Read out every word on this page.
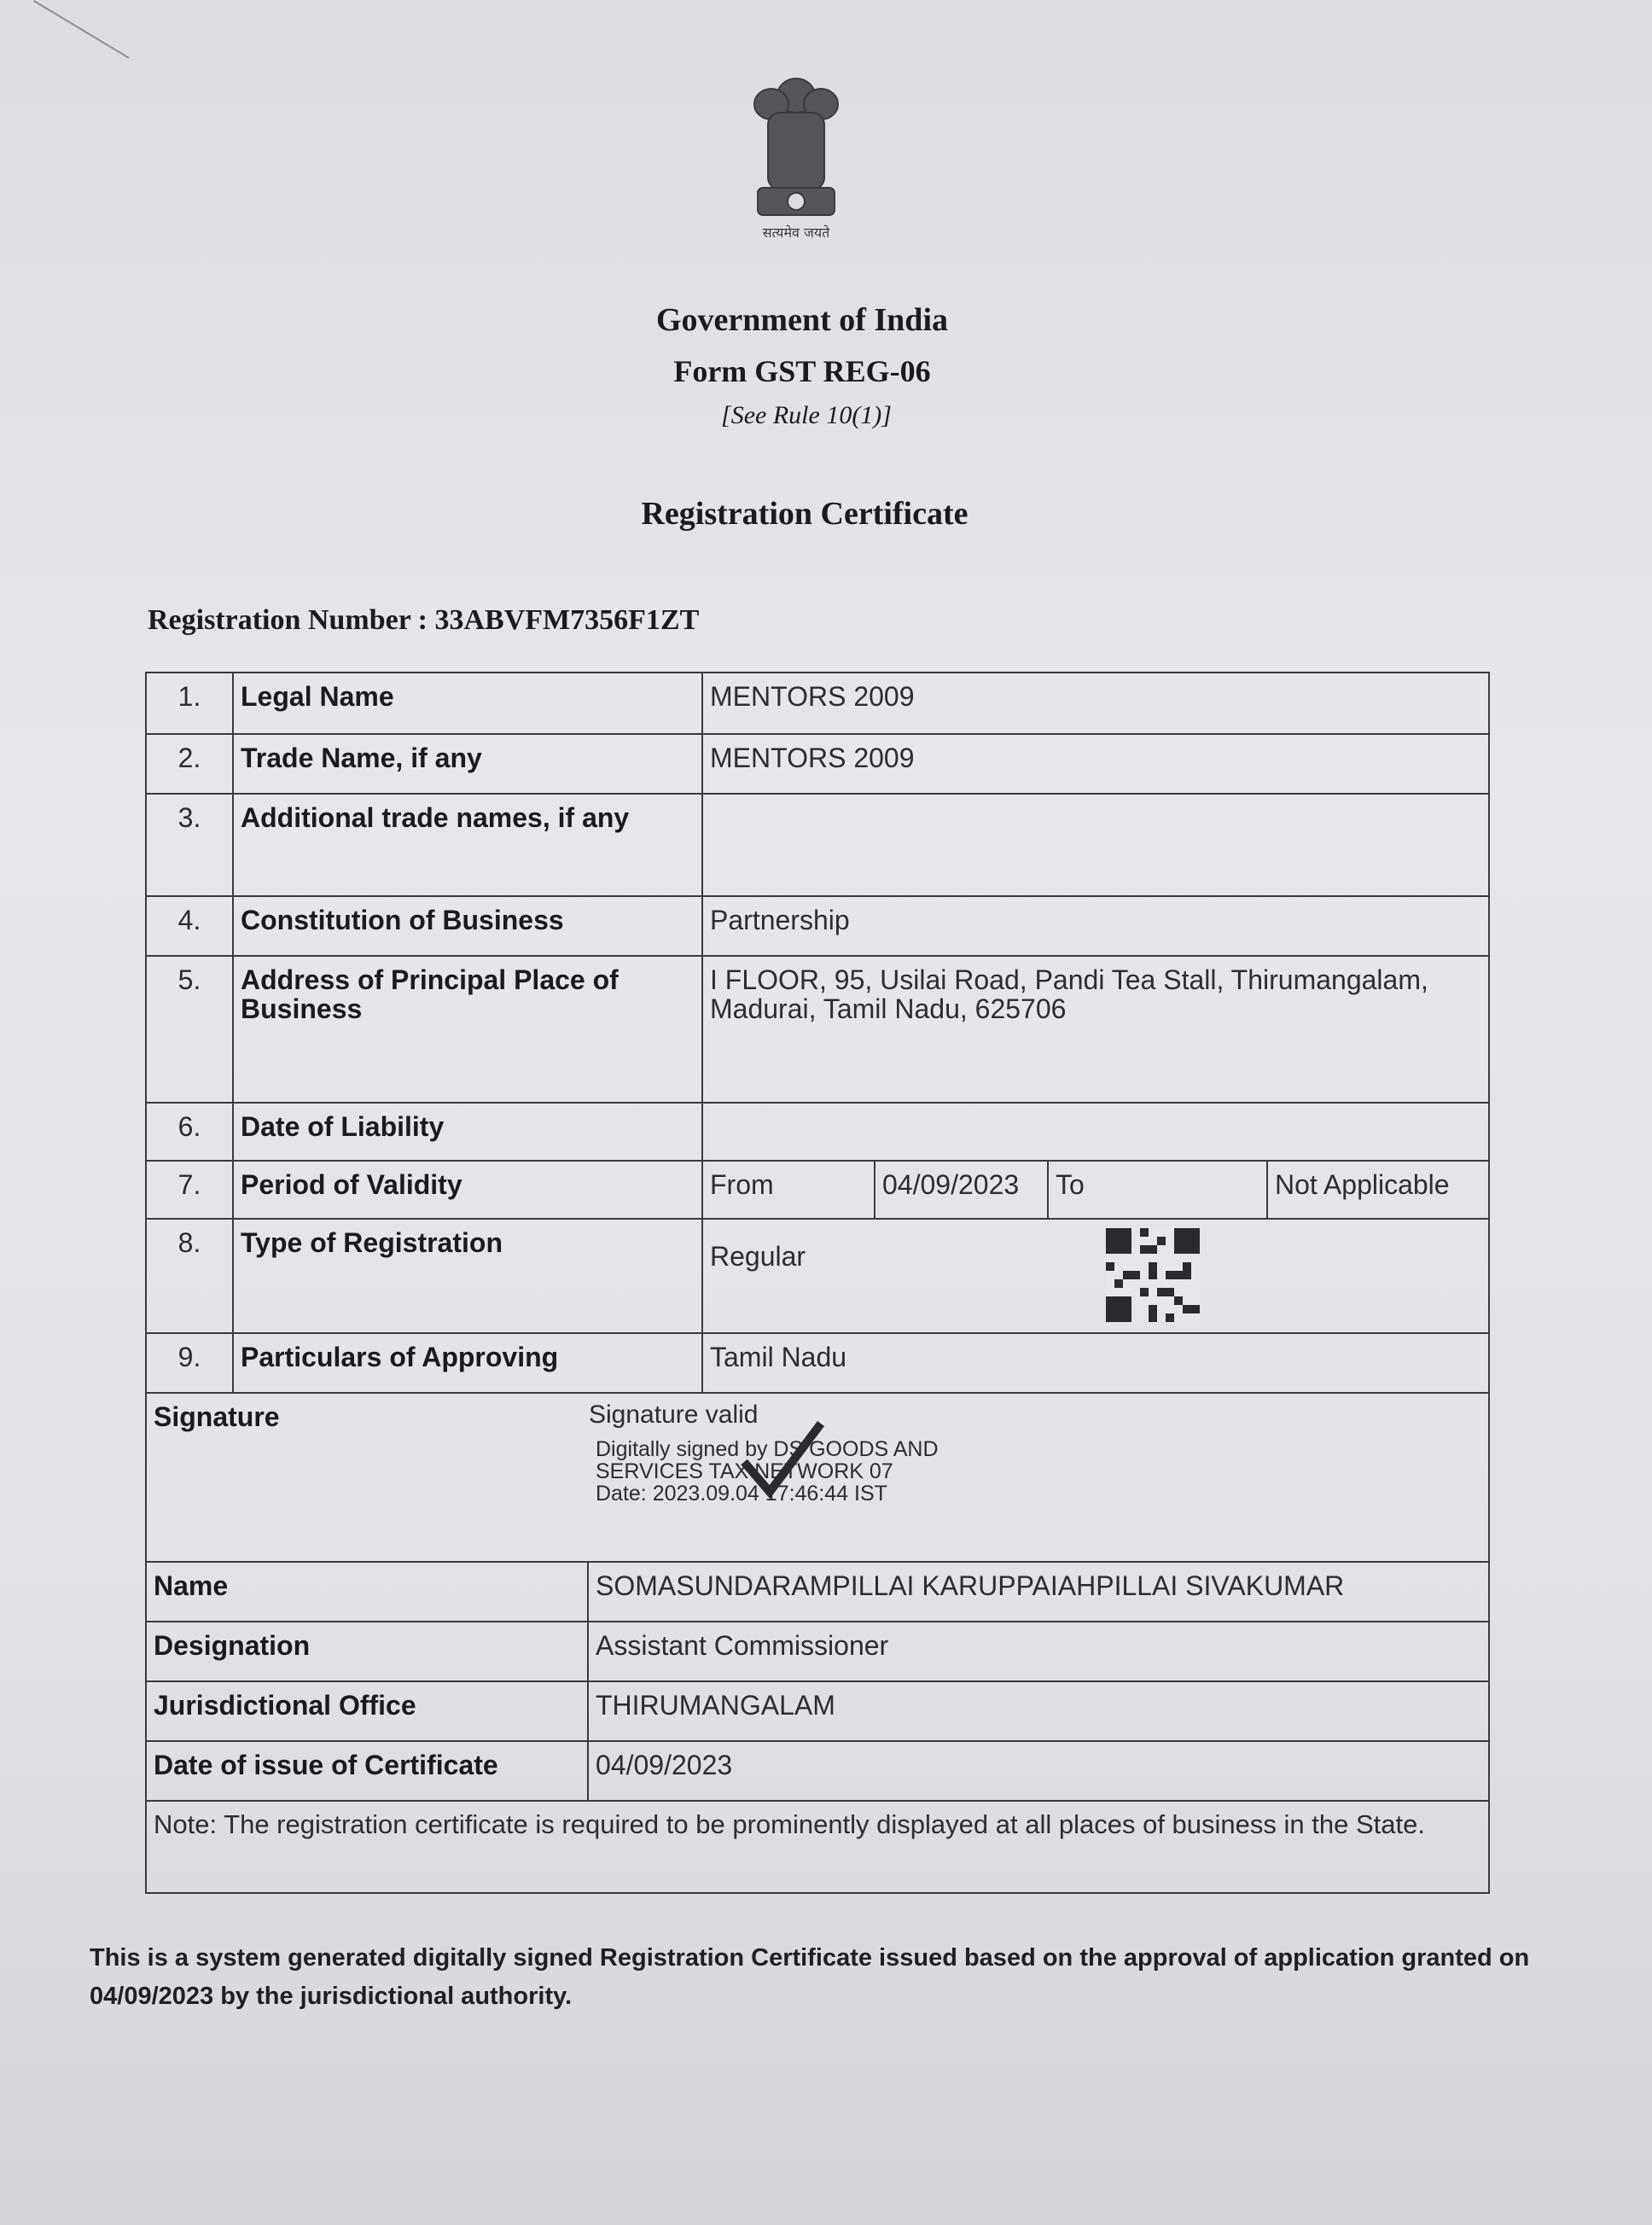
सत्यमेव जयते
Government of India
Form GST REG-06
[See Rule 10(1)]
Registration Certificate
Registration Number : 33ABVFM7356F1ZT
1.	Legal Name	MENTORS 2009
2.	Trade Name, if any	MENTORS 2009
3.	Additional trade names, if any
4.	Constitution of Business	Partnership
5.	Address of Principal Place of Business
I FLOOR, 95, Usilai Road, Pandi Tea Stall, Thirumangalam, Madurai, Tamil Nadu, 625706
6.	Date of Liability
7.	Period of Validity	From	04/09/2023	To	Not Applicable
8.	Type of Registration	Regular
9.	Particulars of Approving	Tamil Nadu
Signature	Signature valid
Digitally signed by DS GOODS AND
SERVICES TAX NETWORK 07
Date: 2023.09.04 17:46:44 IST
Name	SOMASUNDARAMPILLAI KARUPPAIAHPILLAI SIVAKUMAR
Designation	Assistant Commissioner
Jurisdictional Office	THIRUMANGALAM
Date of issue of Certificate	04/09/2023
Note: The registration certificate is required to be prominently displayed at all places of business in the State.
This is a system generated digitally signed Registration Certificate issued based on the approval of application granted on 04/09/2023 by the jurisdictional authority.
